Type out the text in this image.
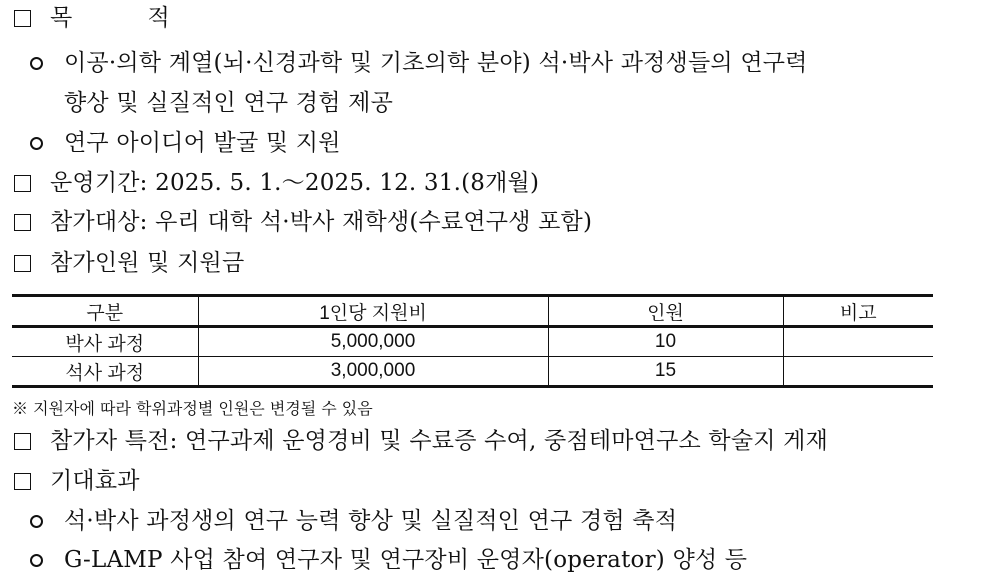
목          적
이공·의학 계열(뇌·신경과학 및 기초의학 분야) 석·박사 과정생들의 연구력
향상 및 실질적인 연구 경험 제공
연구 아이디어 발굴 및 지원
운영기간: 2025. 5. 1.～2025. 12. 31.(8개월)
참가대상: 우리 대학 석·박사 재학생(수료연구생 포함)
참가인원 및 지원금
구분	1인당 지원비	인원	비고
박사 과정	5,000,000	10	
석사 과정	3,000,000	15	
※ 지원자에 따라 학위과정별 인원은 변경될 수 있음
참가자 특전: 연구과제 운영경비 및 수료증 수여, 중점테마연구소 학술지 게재
기대효과
석·박사 과정생의 연구 능력 향상 및 실질적인 연구 경험 축적
G-LAMP 사업 참여 연구자 및 연구장비 운영자(operator) 양성 등
